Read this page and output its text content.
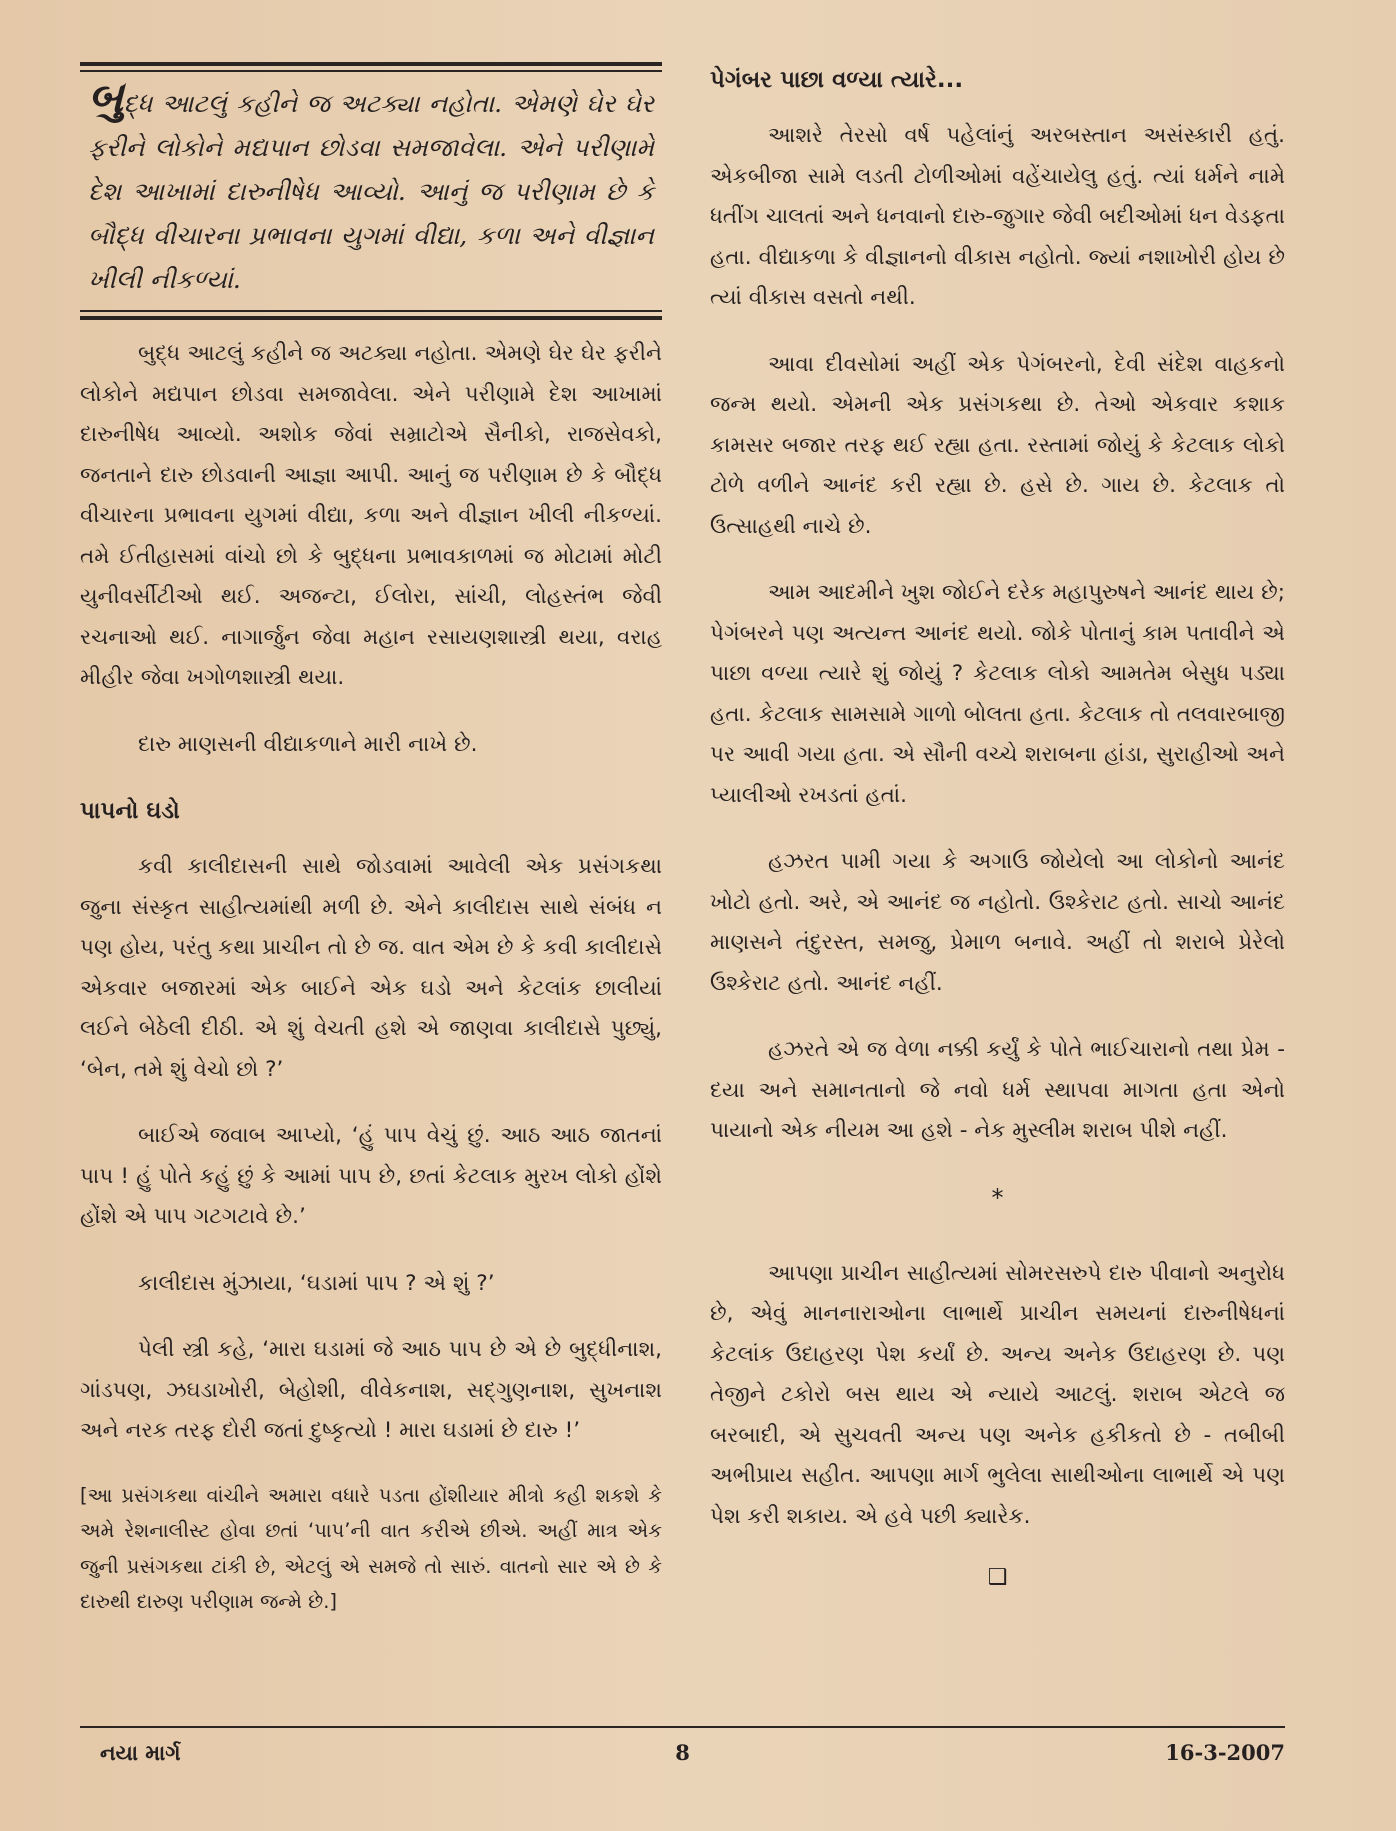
બુદ્ધ આટલું કહીને જ અટક્યા નહોતા. એમણે ઘેર ઘેર ફરીને લોકોને મદ્યપાન છોડવા સમજાવેલા. એને પરીણામે દેશ આખામાં દારુનીષેધ આવ્યો. આનું જ પરીણામ છે કે બૌદ્ધ વીચારના પ્રભાવના યુગમાં વીદ્યા, કળા અને વીજ્ઞાન ખીલી નીકળ્યાં.

બુદ્ધ આટલું કહીને જ અટક્યા નહોતા. એમણે ઘેર ઘેર ફરીને લોકોને મદ્યપાન છોડવા સમજાવેલા. એને પરીણામે દેશ આખામાં દારુનીષેધ આવ્યો. અશોક જેવાં સમ્રાટોએ સૈનીકો, રાજસેવકો, જનતાને દારુ છોડવાની આજ્ઞા આપી. આનું જ પરીણામ છે કે બૌદ્ધ વીચારના પ્રભાવના યુગમાં વીદ્યા, કળા અને વીજ્ઞાન ખીલી નીકળ્યાં. તમે ઈતીહાસમાં વાંચો છો કે બુદ્ધના પ્રભાવકાળમાં જ મોટામાં મોટી યુનીવર્સીટીઓ થઈ. અજન્ટા, ઈલોરા, સાંચી, લોહસ્તંભ જેવી રચનાઓ થઈ. નાગાર્જુન જેવા મહાન રસાયણશાસ્ત્રી થયા, વરાહ મીહીર જેવા ખગોળશાસ્ત્રી થયા.

દારુ માણસની વીદ્યાકળાને મારી નાખે છે.

પાપનો ઘડો

કવી કાલીદાસની સાથે જોડવામાં આવેલી એક પ્રસંગકથા જુના સંસ્કૃત સાહીત્યમાંથી મળી છે. એને કાલીદાસ સાથે સંબંધ ન પણ હોય, પરંતુ કથા પ્રાચીન તો છે જ. વાત એમ છે કે કવી કાલીદાસે એકવાર બજારમાં એક બાઈને એક ઘડો અને કેટલાંક છાલીયાં લઈને બેઠેલી દીઠી. એ શું વેચતી હશે એ જાણવા કાલીદાસે પુછ્યું, ‘બેન, તમે શું વેચો છો ?’

બાઈએ જવાબ આપ્યો, ‘હું પાપ વેચું છું. આઠ આઠ જાતનાં પાપ ! હું પોતે કહું છું કે આમાં પાપ છે, છતાં કેટલાક મુરખ લોકો હોંશે હોંશે એ પાપ ગટગટાવે છે.’

કાલીદાસ મુંઝાયા, ‘ઘડામાં પાપ ? એ શું ?’

પેલી સ્ત્રી કહે, ‘મારા ઘડામાં જે આઠ પાપ છે એ છે બુદ્ધીનાશ, ગાંડપણ, ઝઘડાખોરી, બેહોશી, વીવેકનાશ, સદ્‌ગુણનાશ, સુખનાશ અને નરક તરફ દોરી જતાં દુષ્કૃત્યો ! મારા ઘડામાં છે દારુ !’

[આ પ્રસંગકથા વાંચીને અમારા વધારે પડતા હોંશીયાર મીત્રો કહી શકશે કે અમે રેશનાલીસ્ટ હોવા છતાં ‘પાપ’ની વાત કરીએ છીએ. અહીં માત્ર એક જુની પ્રસંગકથા ટાંકી છે, એટલું એ સમજે તો સારું. વાતનો સાર એ છે કે દારુથી દારુણ પરીણામ જન્મે છે.]

પેગંબર પાછા વળ્યા ત્યારે...

આશરે તેરસો વર્ષ પહેલાંનું અરબસ્તાન અસંસ્કારી હતું. એકબીજા સામે લડતી ટોળીઓમાં વહેંચાયેલુ હતું. ત્યાં ધર્મને નામે ધતીંગ ચાલતાં અને ધનવાનો દારુ-જુગાર જેવી બદીઓમાં ધન વેડફતા હતા. વીદ્યાકળા કે વીજ્ઞાનનો વીકાસ નહોતો. જ્યાં નશાખોરી હોય છે ત્યાં વીકાસ વસતો નથી.

આવા દીવસોમાં અહીં એક પેગંબરનો, દેવી સંદેશ વાહકનો જન્મ થયો. એમની એક પ્રસંગકથા છે. તેઓ એકવાર કશાક કામસર બજાર તરફ થઈ રહ્યા હતા. રસ્તામાં જોયું કે કેટલાક લોકો ટોળે વળીને આનંદ કરી રહ્યા છે. હસે છે. ગાય છે. કેટલાક તો ઉત્સાહથી નાચે છે.

આમ આદમીને ખુશ જોઈને દરેક મહાપુરુષને આનંદ થાય છે; પેગંબરને પણ અત્યન્ત આનંદ થયો. જોકે પોતાનું કામ પતાવીને એ પાછા વળ્યા ત્યારે શું જોયું ? કેટલાક લોકો આમતેમ બેસુધ પડ્યા હતા. કેટલાક સામસામે ગાળો બોલતા હતા. કેટલાક તો તલવારબાજી પર આવી ગયા હતા. એ સૌની વચ્ચે શરાબના હાંડા, સુરાહીઓ અને પ્યાલીઓ રખડતાં હતાં.

હઝરત પામી ગયા કે અગાઉ જોયેલો આ લોકોનો આનંદ ખોટો હતો. અરે, એ આનંદ જ નહોતો. ઉશ્કેરાટ હતો. સાચો આનંદ માણસને તંદુરસ્ત, સમજુ, પ્રેમાળ બનાવે. અહીં તો શરાબે પ્રેરેલો ઉશ્કેરાટ હતો. આનંદ નહીં.

હઝરતે એ જ વેળા નક્કી કર્યું કે પોતે ભાઈચારાનો તથા પ્રેમ - દયા અને સમાનતાનો જે નવો ધર્મ સ્થાપવા માગતા હતા એનો પાયાનો એક નીયમ આ હશે - નેક મુસ્લીમ શરાબ પીશે નહીં.

*

આપણા પ્રાચીન સાહીત્યમાં સોમરસરુપે દારુ પીવાનો અનુરોધ છે, એવું માનનારાઓના લાભાર્થે પ્રાચીન સમયનાં દારુનીષેધનાં કેટલાંક ઉદાહરણ પેશ કર્યાં છે. અન્ય અનેક ઉદાહરણ છે. પણ તેજીને ટકોરો બસ થાય એ ન્યાયે આટલું. શરાબ એટલે જ બરબાદી, એ સુચવતી અન્ય પણ અનેક હકીકતો છે - તબીબી અભીપ્રાય સહીત. આપણા માર્ગ ભુલેલા સાથીઓના લાભાર્થે એ પણ પેશ કરી શકાય. એ હવે પછી ક્યારેક.

❑
નયા માર્ગ	8	16-3-2007
